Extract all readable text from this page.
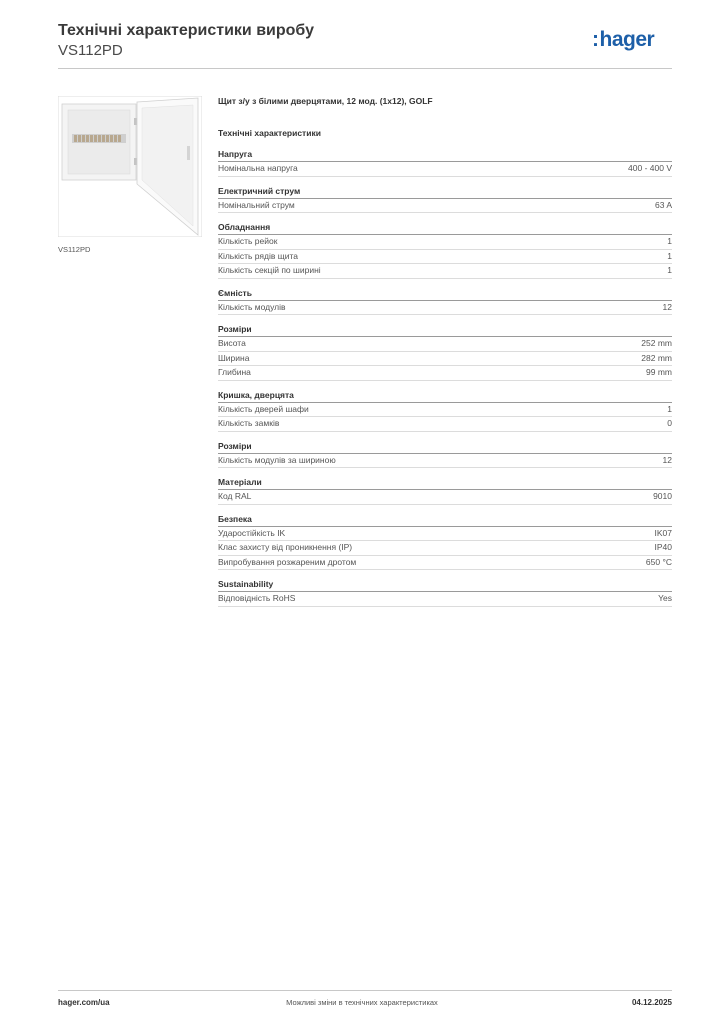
Технічні характеристики виробу
VS112PD	:hager
VS112PD

Щит з/у з білими дверцятами, 12 мод. (1x12), GOLF

Технічні характеристики

Напруга
Номінальна напруга	400 - 400 V
Електричний струм
Номінальний струм	63 A
Обладнання
Кількість рейок	1
Кількість рядів щита	1
Кількість секцій по ширині	1
Ємність
Кількість модулів	12
Розміри
Висота	252 mm
Ширина	282 mm
Глибина	99 mm
Кришка, дверцята
Кількість дверей шафи	1
Кількість замків	0
Розміри
Кількість модулів за шириною	12
Матеріали
Код RAL	9010
Безпека
Ударостійкість IK	IK07
Клас захисту від проникнення (IP)	IP40
Випробування розжареним дротом	650 °C
Sustainability
Відповідність RoHS	Yes
hager.com/ua	Можливі зміни в технічних характеристиках	04.12.2025
